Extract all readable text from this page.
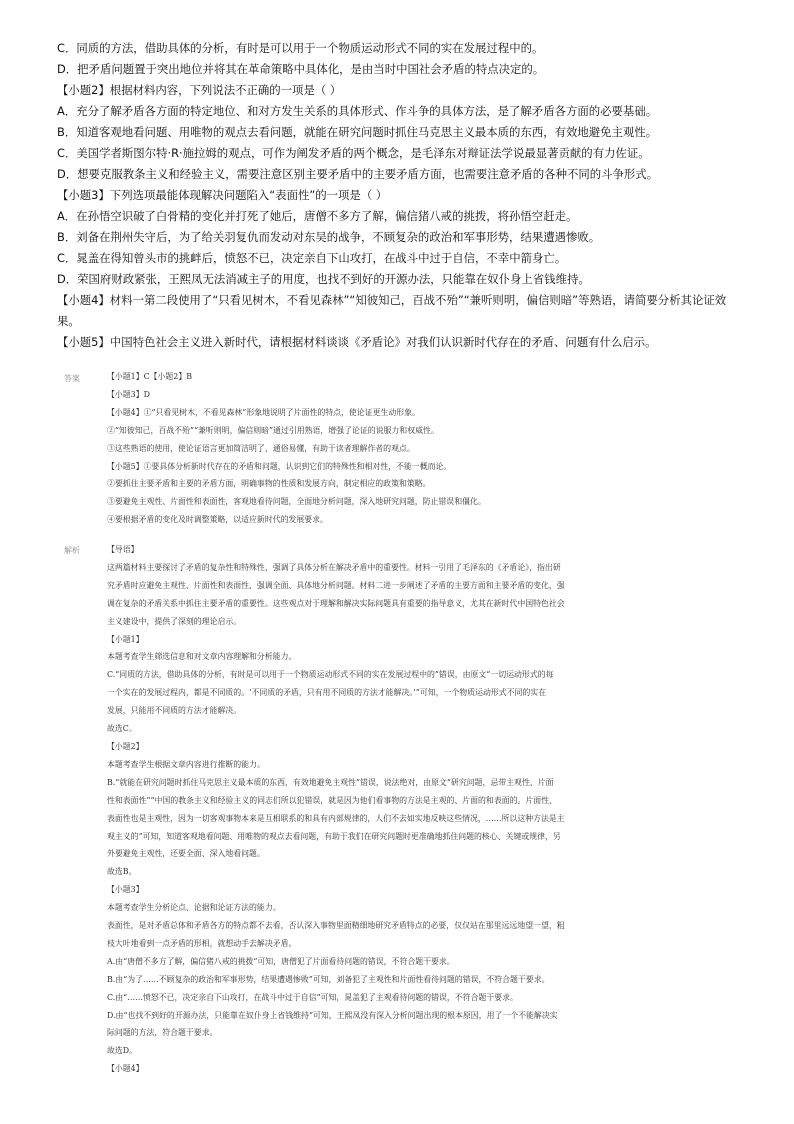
C．同质的方法，借助具体的分析，有时是可以用于一个物质运动形式不同的实在发展过程中的。

D．把矛盾问题置于突出地位并将其在革命策略中具体化，是由当时中国社会矛盾的特点决定的。

【小题2】根据材料内容，下列说法不正确的一项是（ ）

A．充分了解矛盾各方面的特定地位、和对方发生关系的具体形式、作斗争的具体方法，是了解矛盾各方面的必要基础。

B．知道客观地看问题、用唯物的观点去看问题，就能在研究问题时抓住马克思主义最本质的东西，有效地避免主观性。

C．美国学者斯图尔特·R·施拉姆的观点，可作为阐发矛盾的两个概念，是毛泽东对辩证法学说最显著贡献的有力佐证。

D．想要克服教条主义和经验主义，需要注意区别主要矛盾中的主要矛盾方面，也需要注意矛盾的各种不同的斗争形式。

【小题3】下列选项最能体现解决问题陷入“表面性”的一项是（ ）

A．在孙悟空识破了白骨精的变化并打死了她后，唐僧不多方了解，偏信猪八戒的挑拨，将孙悟空赶走。

B．刘备在荆州失守后，为了给关羽复仇而发动对东吴的战争，不顾复杂的政治和军事形势，结果遭遇惨败。

C．晁盖在得知曾头市的挑衅后，愤怒不已，决定亲自下山攻打，在战斗中过于自信，不幸中箭身亡。

D．荣国府财政紧张，王熙凤无法消减主子的用度，也找不到好的开源办法，只能靠在奴仆身上省钱维持。

【小题4】材料一第二段使用了“只看见树木，不看见森林”“知彼知己，百战不殆”“兼听则明，偏信则暗”等熟语，请简要分析其论证效果。

【小题5】中国特色社会主义进入新时代，请根据材料谈谈《矛盾论》对我们认识新时代存在的矛盾、问题有什么启示。

答案	【小题1】C【小题2】B

【小题3】D

【小题4】①“只看见树木，不看见森林”形象地说明了片面性的特点，使论证更生动形象。

②“知彼知己，百战不殆”“兼听则明，偏信则暗”通过引用熟语，增强了论证的说服力和权威性。

③这些熟语的使用，使论证语言更加简洁明了，通俗易懂，有助于读者理解作者的观点。

【小题5】①要具体分析新时代存在的矛盾和问题，认识到它们的特殊性和相对性，不能一概而论。

②要抓住主要矛盾和主要的矛盾方面，明确事物的性质和发展方向，制定相应的政策和策略。

③要避免主观性、片面性和表面性，客观地看待问题，全面地分析问题，深入地研究问题，防止错误和僵化。

④要根据矛盾的变化及时调整策略，以适应新时代的发展要求。

解析	【导语】

这两篇材料主要探讨了矛盾的复杂性和特殊性，强调了具体分析在解决矛盾中的重要性。材料一引用了毛泽东的《矛盾论》，指出研

究矛盾时应避免主观性、片面性和表面性，强调全面、具体地分析问题。材料二进一步阐述了矛盾的主要方面和主要矛盾的变化，强

调在复杂的矛盾关系中抓住主要矛盾的重要性。这些观点对于理解和解决实际问题具有重要的指导意义，尤其在新时代中国特色社会

主义建设中，提供了深刻的理论启示。

【小题1】

本题考查学生筛选信息和对文章内容理解和分析能力。

C.“同质的方法，借助具体的分析，有时是可以用于一个物质运动形式不同的实在发展过程中的”错误，由原文“一切运动形式的每

一个实在的发展过程内，都是不同质的。‘不同质的矛盾，只有用不同质的方法才能解决。’”可知，一个物质运动形式不同的实在

发展，只能用不同质的方法才能解决。

故选C。

【小题2】

本题考查学生根据文章内容进行推断的能力。

B.“就能在研究问题时抓住马克思主义最本质的东西，有效地避免主观性”错误，说法绝对，由原文“研究问题，忌带主观性、片面

性和表面性”“中国的教条主义和经验主义的同志们所以犯错误，就是因为他们看事物的方法是主观的、片面的和表面的。片面性、

表面性也是主观性，因为一切客观事物本来是互相联系的和具有内部规律的，人们不去如实地反映这些情况，……所以这种方法是主

观主义的”可知，知道客观地看问题、用唯物的观点去看问题，有助于我们在研究问题时更准确地抓住问题的核心、关键或规律，另

外要避免主观性，还要全面、深入地看问题。

故选B。

【小题3】

本题考查学生分析论点、论据和论证方法的能力。

表面性，是对矛盾总体和矛盾各方的特点都不去看，否认深入事物里面精细地研究矛盾特点的必要，仅仅站在那里远远地望一望，粗

枝大叶地看到一点矛盾的形相，就想动手去解决矛盾。

A.由“唐僧不多方了解，偏信猪八戒的挑拨”可知，唐僧犯了片面看待问题的错误，不符合题干要求。

B.由“为了……不顾复杂的政治和军事形势，结果遭遇惨败”可知，刘备犯了主观性和片面性看待问题的错误，不符合题干要求。

C.由“……愤怒不已，决定亲自下山攻打，在战斗中过于自信”可知，晁盖犯了主观看待问题的错误，不符合题干要求。

D.由“也找不到好的开源办法，只能靠在奴仆身上省钱维持”可知，王熙凤没有深入分析问题出现的根本原因，用了一个不能解决实

际问题的方法，符合题干要求。

故选D。

【小题4】
